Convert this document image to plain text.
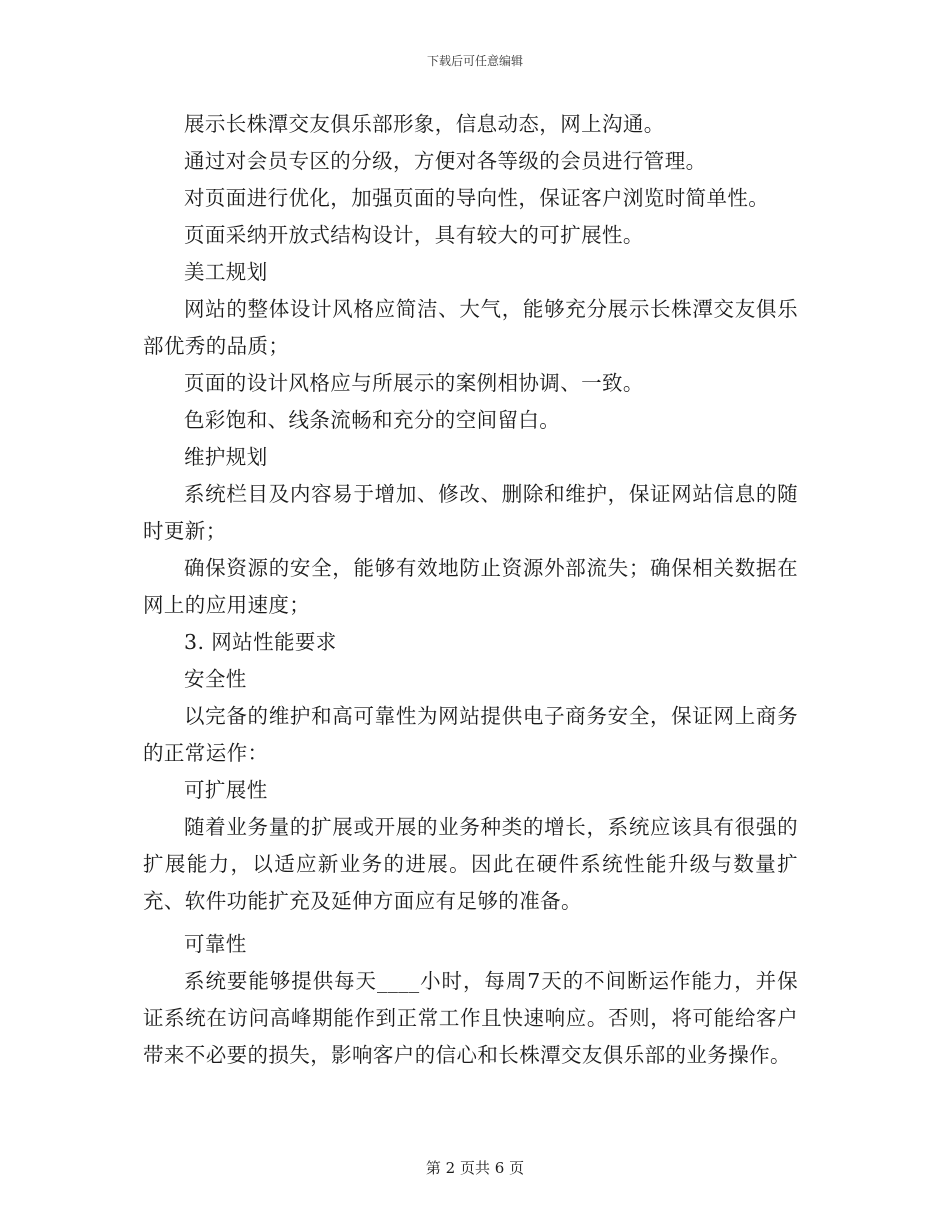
下载后可任意编辑

展示长株潭交友俱乐部形象，信息动态，网上沟通。

通过对会员专区的分级，方便对各等级的会员进行管理。

对页面进行优化，加强页面的导向性，保证客户浏览时简单性。

页面采纳开放式结构设计，具有较大的可扩展性。

美工规划

网站的整体设计风格应简洁、大气，能够充分展示长株潭交友俱乐部优秀的品质；

页面的设计风格应与所展示的案例相协调、一致。

色彩饱和、线条流畅和充分的空间留白。

维护规划

系统栏目及内容易于增加、修改、删除和维护，保证网站信息的随时更新；

确保资源的安全，能够有效地防止资源外部流失；确保相关数据在网上的应用速度；

3. 网站性能要求

安全性

以完备的维护和高可靠性为网站提供电子商务安全，保证网上商务的正常运作：

可扩展性

随着业务量的扩展或开展的业务种类的增长，系统应该具有很强的扩展能力，以适应新业务的进展。因此在硬件系统性能升级与数量扩充、软件功能扩充及延伸方面应有足够的准备。

可靠性

系统要能够提供每天____小时，每周7天的不间断运作能力，并保证系统在访问高峰期能作到正常工作且快速响应。否则，将可能给客户带来不必要的损失，影响客户的信心和长株潭交友俱乐部的业务操作。

第 2 页共 6 页
